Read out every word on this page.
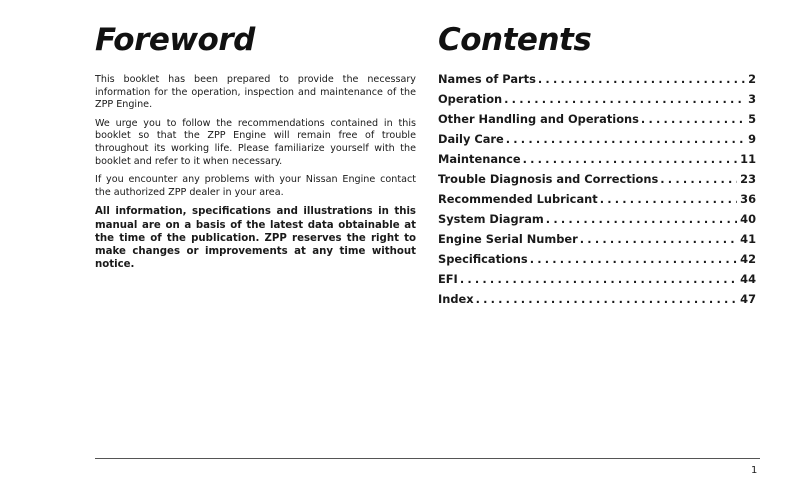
Foreword

This booklet has been prepared to provide the necessary information for the operation, inspection and maintenance of the ZPP Engine.

We urge you to follow the recommendations contained in this booklet so that the ZPP Engine will remain free of trouble throughout its working life. Please familiarize yourself with the booklet and refer to it when necessary.

If you encounter any problems with your Nissan Engine contact the authorized ZPP dealer in your area.

All information, specifications and illustrations in this manual are on a basis of the latest data obtainable at the time of the publication. ZPP reserves the right to make changes or improvements at any time without notice.

Contents
Names of Parts .....	2
Operation .....	3
Other Handling and Operations .....	5
Daily Care .....	9
Maintenance .....	11
Trouble Diagnosis and Corrections .....	23
Recommended Lubricant .....	36
System Diagram .....	40
Engine Serial Number .....	41
Specifications .....	42
EFI .....	44
Index .....	47
1
